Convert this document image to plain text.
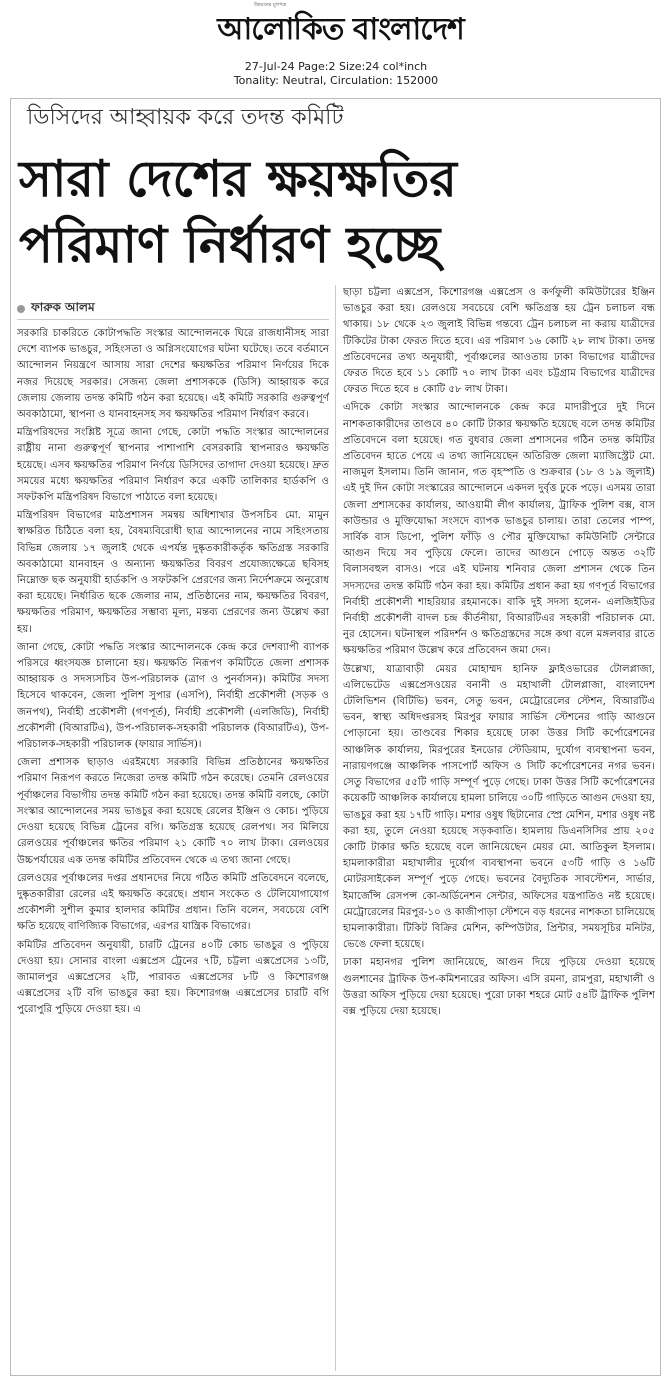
উন্নয়নের মুখপত্র
আলোকিত বাংলাদেশ
27-Jul-24 Page:2 Size:24 col*inch
Tonality: Neutral, Circulation: 152000
ডিসিদের আহ্বায়ক করে তদন্ত কমিটি
সারা দেশের ক্ষয়ক্ষতির
পরিমাণ নির্ধারণ হচ্ছে
ফারুক আলম

সরকারি চাকরিতে কোটাপদ্ধতি সংস্কার আন্দোলনকে ঘিরে রাজধানীসহ সারা দেশে ব্যাপক ভাঙচুর, সহিংসতা ও অগ্নিসংযোগের ঘটনা ঘটেছে। তবে বর্তমানে আন্দোলন নিয়ন্ত্রণে আসায় সারা দেশের ক্ষয়ক্ষতির পরিমাণ নির্ণয়ের দিকে নজর দিয়েছে সরকার। সেজন্য জেলা প্রশাসককে (ডিসি) আহ্বায়ক করে জেলায় জেলায় তদন্ত কমিটি গঠন করা হয়েছে। এই কমিটি সরকারি গুরুত্বপূর্ণ অবকাঠামো, স্থাপনা ও যানবাহনসহ সব ক্ষয়ক্ষতির পরিমাণ নির্ধারণ করবে।

মন্ত্রিপরিষদের সংশ্লিষ্ট সূত্রে জানা গেছে, কোটা পদ্ধতি সংস্কার আন্দোলনের রাষ্ট্রীয় নানা গুরুত্বপূর্ণ স্থাপনার পাশাপাশি বেসরকারি স্থাপনারও ক্ষয়ক্ষতি হয়েছে। এসব ক্ষয়ক্ষতির পরিমাণ নির্ণয়ে ডিসিদের তাগাদা দেওয়া হয়েছে। দ্রুত সময়ের মধ্যে ক্ষয়ক্ষতির পরিমাণ নির্ধারণ করে একটি তালিকার হার্ডকপি ও সফটকপি মন্ত্রিপরিষদ বিভাগে পাঠাতে বলা হয়েছে।

মন্ত্রিপরিষদ বিভাগের মাঠপ্রশাসন সমন্বয় অধিশাখার উপসচিব মো. মামুন স্বাক্ষরিত চিঠিতে বলা হয়, বৈষম্যবিরোধী ছাত্র আন্দোলনের নামে সহিংসতায় বিভিন্ন জেলায় ১৭ জুলাই থেকে এপর্যন্ত দুষ্কৃতকারীকর্তৃক ক্ষতিগ্রস্ত সরকারি অবকাঠামো যানবাহন ও অন্যান্য ক্ষয়ক্ষতির বিবরণ প্রযোজ্যক্ষেত্রে ছবিসহ নিম্নোক্ত ছক অনুযায়ী হার্ডকপি ও সফটকপি প্রেরণের জন্য নির্দেশক্রমে অনুরোধ করা হয়েছে। নির্ধারিত ছকে জেলার নাম, প্রতিষ্ঠানের নাম, ক্ষয়ক্ষতির বিবরণ, ক্ষয়ক্ষতির পরিমাণ, ক্ষয়ক্ষতির সম্ভাব্য মূল্য, মন্তব্য প্রেরণের জন্য উল্লেখ করা হয়।

জানা গেছে, কোটা পদ্ধতি সংস্কার আন্দোলনকে কেন্দ্র করে দেশব্যাপী ব্যাপক পরিসরে ধ্বংসযজ্ঞ চালানো হয়। ক্ষয়ক্ষতি নিরূপণ কমিটিতে জেলা প্রশাসক আহ্বায়ক ও সদস্যসচিব উপ-পরিচালক (ত্রাণ ও পুনর্বাসন)। কমিটির সদস্য হিসেবে থাকবেন, জেলা পুলিশ সুপার (এসপি), নির্বাহী প্রকৌশলী (সড়ক ও জনপথ), নির্বাহী প্রকৌশলী (গণপূর্ত), নির্বাহী প্রকৌশলী (এলজিডি), নির্বাহী প্রকৌশলী (বিআরটিএ), উপ-পরিচালক-সহকারী পরিচালক (বিআরটিএ), উপ-পরিচালক-সহকারী পরিচালক (ফায়ার সার্ভিস)।

জেলা প্রশাসক ছাড়াও এরইমধ্যে সরকারি বিভিন্ন প্রতিষ্ঠানের ক্ষয়ক্ষতির পরিমাণ নিরূপণ করতে নিজেরা তদন্ত কমিটি গঠন করেছে। তেমনি রেলওয়ের পূর্বাঞ্চলের বিভাগীয় তদন্ত কমিটি গঠন করা হয়েছে। তদন্ত কমিটি বলছে, কোটা সংস্কার আন্দোলনের সময় ভাঙচুর করা হয়েছে রেলের ইঞ্জিন ও কোচ। পুড়িয়ে দেওয়া হয়েছে বিভিন্ন ট্রেনের বগি। ক্ষতিগ্রস্ত হয়েছে রেলপথ। সব মিলিয়ে রেলওয়ের পূর্বাঞ্চলের ক্ষতির পরিমাণ ২১ কোটি ৭০ লাখ টাকা। রেলওয়ের উচ্চপর্যায়ের এক তদন্ত কমিটির প্রতিবেদন থেকে এ তথ্য জানা গেছে।

রেলওয়ের পূর্বাঞ্চলের দপ্তর প্রধানদের নিয়ে গঠিত কমিটি প্রতিবেদনে বলেছে, দুষ্কৃতকারীরা রেলের এই ক্ষয়ক্ষতি করেছে। প্রধান সংকেত ও টেলিযোগাযোগ প্রকৌশলী সুশীল কুমার হালদার কমিটির প্রধান। তিনি বলেন, সবচেয়ে বেশি ক্ষতি হয়েছে বাণিজ্যিক বিভাগের, এরপর যান্ত্রিক বিভাগের।

কমিটির প্রতিবেদন অনুযায়ী, চারটি ট্রেনের ৪০টি কোচ ভাঙচুর ও পুড়িয়ে দেওয়া হয়। সোনার বাংলা এক্সপ্রেস ট্রেনের ৭টি, চট্টলা এক্সপ্রেসের ১৩টি, জামালপুর এক্সপ্রেসের ২টি, পারাবত এক্সপ্রেসের ৮টি ও কিশোরগঞ্জ এক্সপ্রেসের ২টি বগি ভাঙচুর করা হয়। কিশোরগঞ্জ এক্সপ্রেসের চারটি বগি পুরোপুরি পুড়িয়ে দেওয়া হয়। এ

ছাড়া চট্টলা এক্সপ্রেস, কিশোরগঞ্জ এক্সপ্রেস ও কর্ণফুলী কমিউটারের ইঞ্জিন ভাঙচুর করা হয়। রেলওয়ে সবচেয়ে বেশি ক্ষতিগ্রস্ত হয় ট্রেন চলাচল বন্ধ থাকায়। ১৮ থেকে ২৩ জুলাই বিভিন্ন গন্তব্যে ট্রেন চলাচল না করায় যাত্রীদের টিকিটের টাকা ফেরত দিতে হবে। এর পরিমাণ ১৬ কোটি ২৮ লাখ টাকা। তদন্ত প্রতিবেদনের তথ্য অনুযায়ী, পূর্বাঞ্চলের আওতায় ঢাকা বিভাগের যাত্রীদের ফেরত দিতে হবে ১১ কোটি ৭০ লাখ টাকা এবং চট্টগ্রাম বিভাগের যাত্রীদের ফেরত দিতে হবে ৪ কোটি ৫৮ লাখ টাকা।

এদিকে কোটা সংস্কার আন্দোলনকে কেন্দ্র করে মাদারীপুরে দুই দিনে নাশকতাকারীদের তাণ্ডবে ৪০ কোটি টাকার ক্ষয়ক্ষতি হয়েছে বলে তদন্ত কমিটির প্রতিবেদনে বলা হয়েছে। গত বুধবার জেলা প্রশাসনের গঠিন তদন্ত কমিটির প্রতিবেদন হাতে পেয়ে এ তথ্য জানিয়েছেন অতিরিক্ত জেলা ম্যাজিস্ট্রেট মো. নাজমুল ইসলাম। তিনি জানান, গত বৃহস্পতি ও শুক্রবার (১৮ ও ১৯ জুলাই) এই দুই দিন কোটা সংস্কারের আন্দোলনে একদল দুর্বৃত্ত ঢুকে পড়ে। এসময় তারা জেলা প্রশাসকের কার্যালয়, আওয়ামী লীগ কার্যালয়, ট্রাফিক পুলিশ বক্স, বাস কাউন্ডার ও মুক্তিযোদ্ধা সংসদে ব্যাপক ভাঙচুর চালায়। তারা তেলের পাম্প, সার্বিক বাস ডিপো, পুলিশ ফাঁড়ি ও পৌর মুক্তিযোদ্ধা কমিউনিটি সেন্টারে আগুন দিয়ে সব পুড়িয়ে ফেলে। তাদের আগুনে পোড়ে অন্তত ৩২টি বিলাসবহুল বাসও। পরে এই ঘটনায় শনিবার জেলা প্রশাসন থেকে তিন সদস্যদের তদন্ত কমিটি গঠন করা হয়। কমিটির প্রধান করা হয় গণপূর্ত বিভাগের নির্বাহী প্রকৌশলী শাহরিয়ার রহমানকে। বাকি দুই সদস্য হলেন- এলজিইডির নির্বাহী প্রকৌশলী বাদল চন্দ্র কীর্তনীয়া, বিআরটিএর সহকারী পরিচালক মো. নুর হোসেন। ঘটনাস্থল পরিদর্শন ও ক্ষতিগ্রস্তদের সঙ্গে কথা বলে মঙ্গলবার রাতে ক্ষয়ক্ষতির পরিমাণ উল্লেখ করে প্রতিবেদন জমা দেন।

উল্লেখ্য, যাত্রাবাড়ী মেয়র মোহাম্মদ হানিফ ফ্লাইওভারের টোলপ্লাজা, এলিভেটেড এক্সপ্রেসওয়ের বনানী ও মহাখালী টোলপ্লাজা, বাংলাদেশ টেলিভিশন (বিটিভি) ভবন, সেতু ভবন, মেট্রোরেলের স্টেশন, বিআরটিএ ভবন, স্বাস্থ্য অধিদপ্তরসহ মিরপুর ফায়ার সার্ভিস স্টেশনের গাড়ি আগুনে পোড়ানো হয়। তাণ্ডবের শিকার হয়েছে ঢাকা উত্তর সিটি কর্পোরেশনের আঞ্চলিক কার্যালয়, মিরপুরের ইনডোর স্টেডিয়াম, দুর্যোগ ব্যবস্থাপনা ভবন, নারায়ণগঞ্জে আঞ্চলিক পাসপোর্ট অফিস ও সিটি কর্পোরেশনের নগর ভবন। সেতু বিভাগের ৫৫টি গাড়ি সম্পূর্ণ পুড়ে গেছে। ঢাকা উত্তর সিটি কর্পোরেশনের কয়েকটি আঞ্চলিক কার্যালয়ে হামলা চালিয়ে ৩০টি গাড়িতে আগুন দেওয়া হয়, ভাঙচুর করা হয় ১৭টি গাড়ি। মশার ওষুধ ছিটানোর স্প্রে মেশিন, মশার ওষুধ নষ্ট করা হয়, তুলে নেওয়া হয়েছে সড়কবাতি। হামলায় ডিএনসিসির প্রায় ২০৫ কোটি টাকার ক্ষতি হয়েছে বলে জানিয়েছেন মেয়র মো. আতিকুল ইসলাম। হামলাকারীরা মহাখালীর দুর্যোগ ব্যবস্থাপনা ভবনে ৫৩টি গাড়ি ও ১৬টি মোটরসাইকেল সম্পূর্ণ পুড়ে গেছে। ভবনের বৈদ্যুতিক সাবস্টেশন, সার্ভার, ইমার্জেন্সি রেসপন্স কো-অর্ডিনেশন সেন্টার, অফিসের যন্ত্রপাতিও নষ্ট হয়েছে। মেট্রোরেলের মিরপুর-১০ ও কাজীপাড়া স্টেশনে বড় ধরনের নাশকতা চালিয়েছে হামলাকারীরা। টিকিট বিক্রির মেশিন, কম্পিউটার, প্রিন্টার, সময়সূচির মনিটর, ভেঙে ফেলা হয়েছে।

ঢাকা মহানগর পুলিশ জানিয়েছে, আগুন দিয়ে পুড়িয়ে দেওয়া হয়েছে গুলশানের ট্রাফিক উপ-কমিশনারের অফিস। এসি রমনা, রামপুরা, মহাখালী ও উত্তরা অফিস পুড়িয়ে দেয়া হয়েছে। পুরো ঢাকা শহরে মোট ৫৪টি ট্রাফিক পুলিশ বক্স পুড়িয়ে দেয়া হয়েছে।
